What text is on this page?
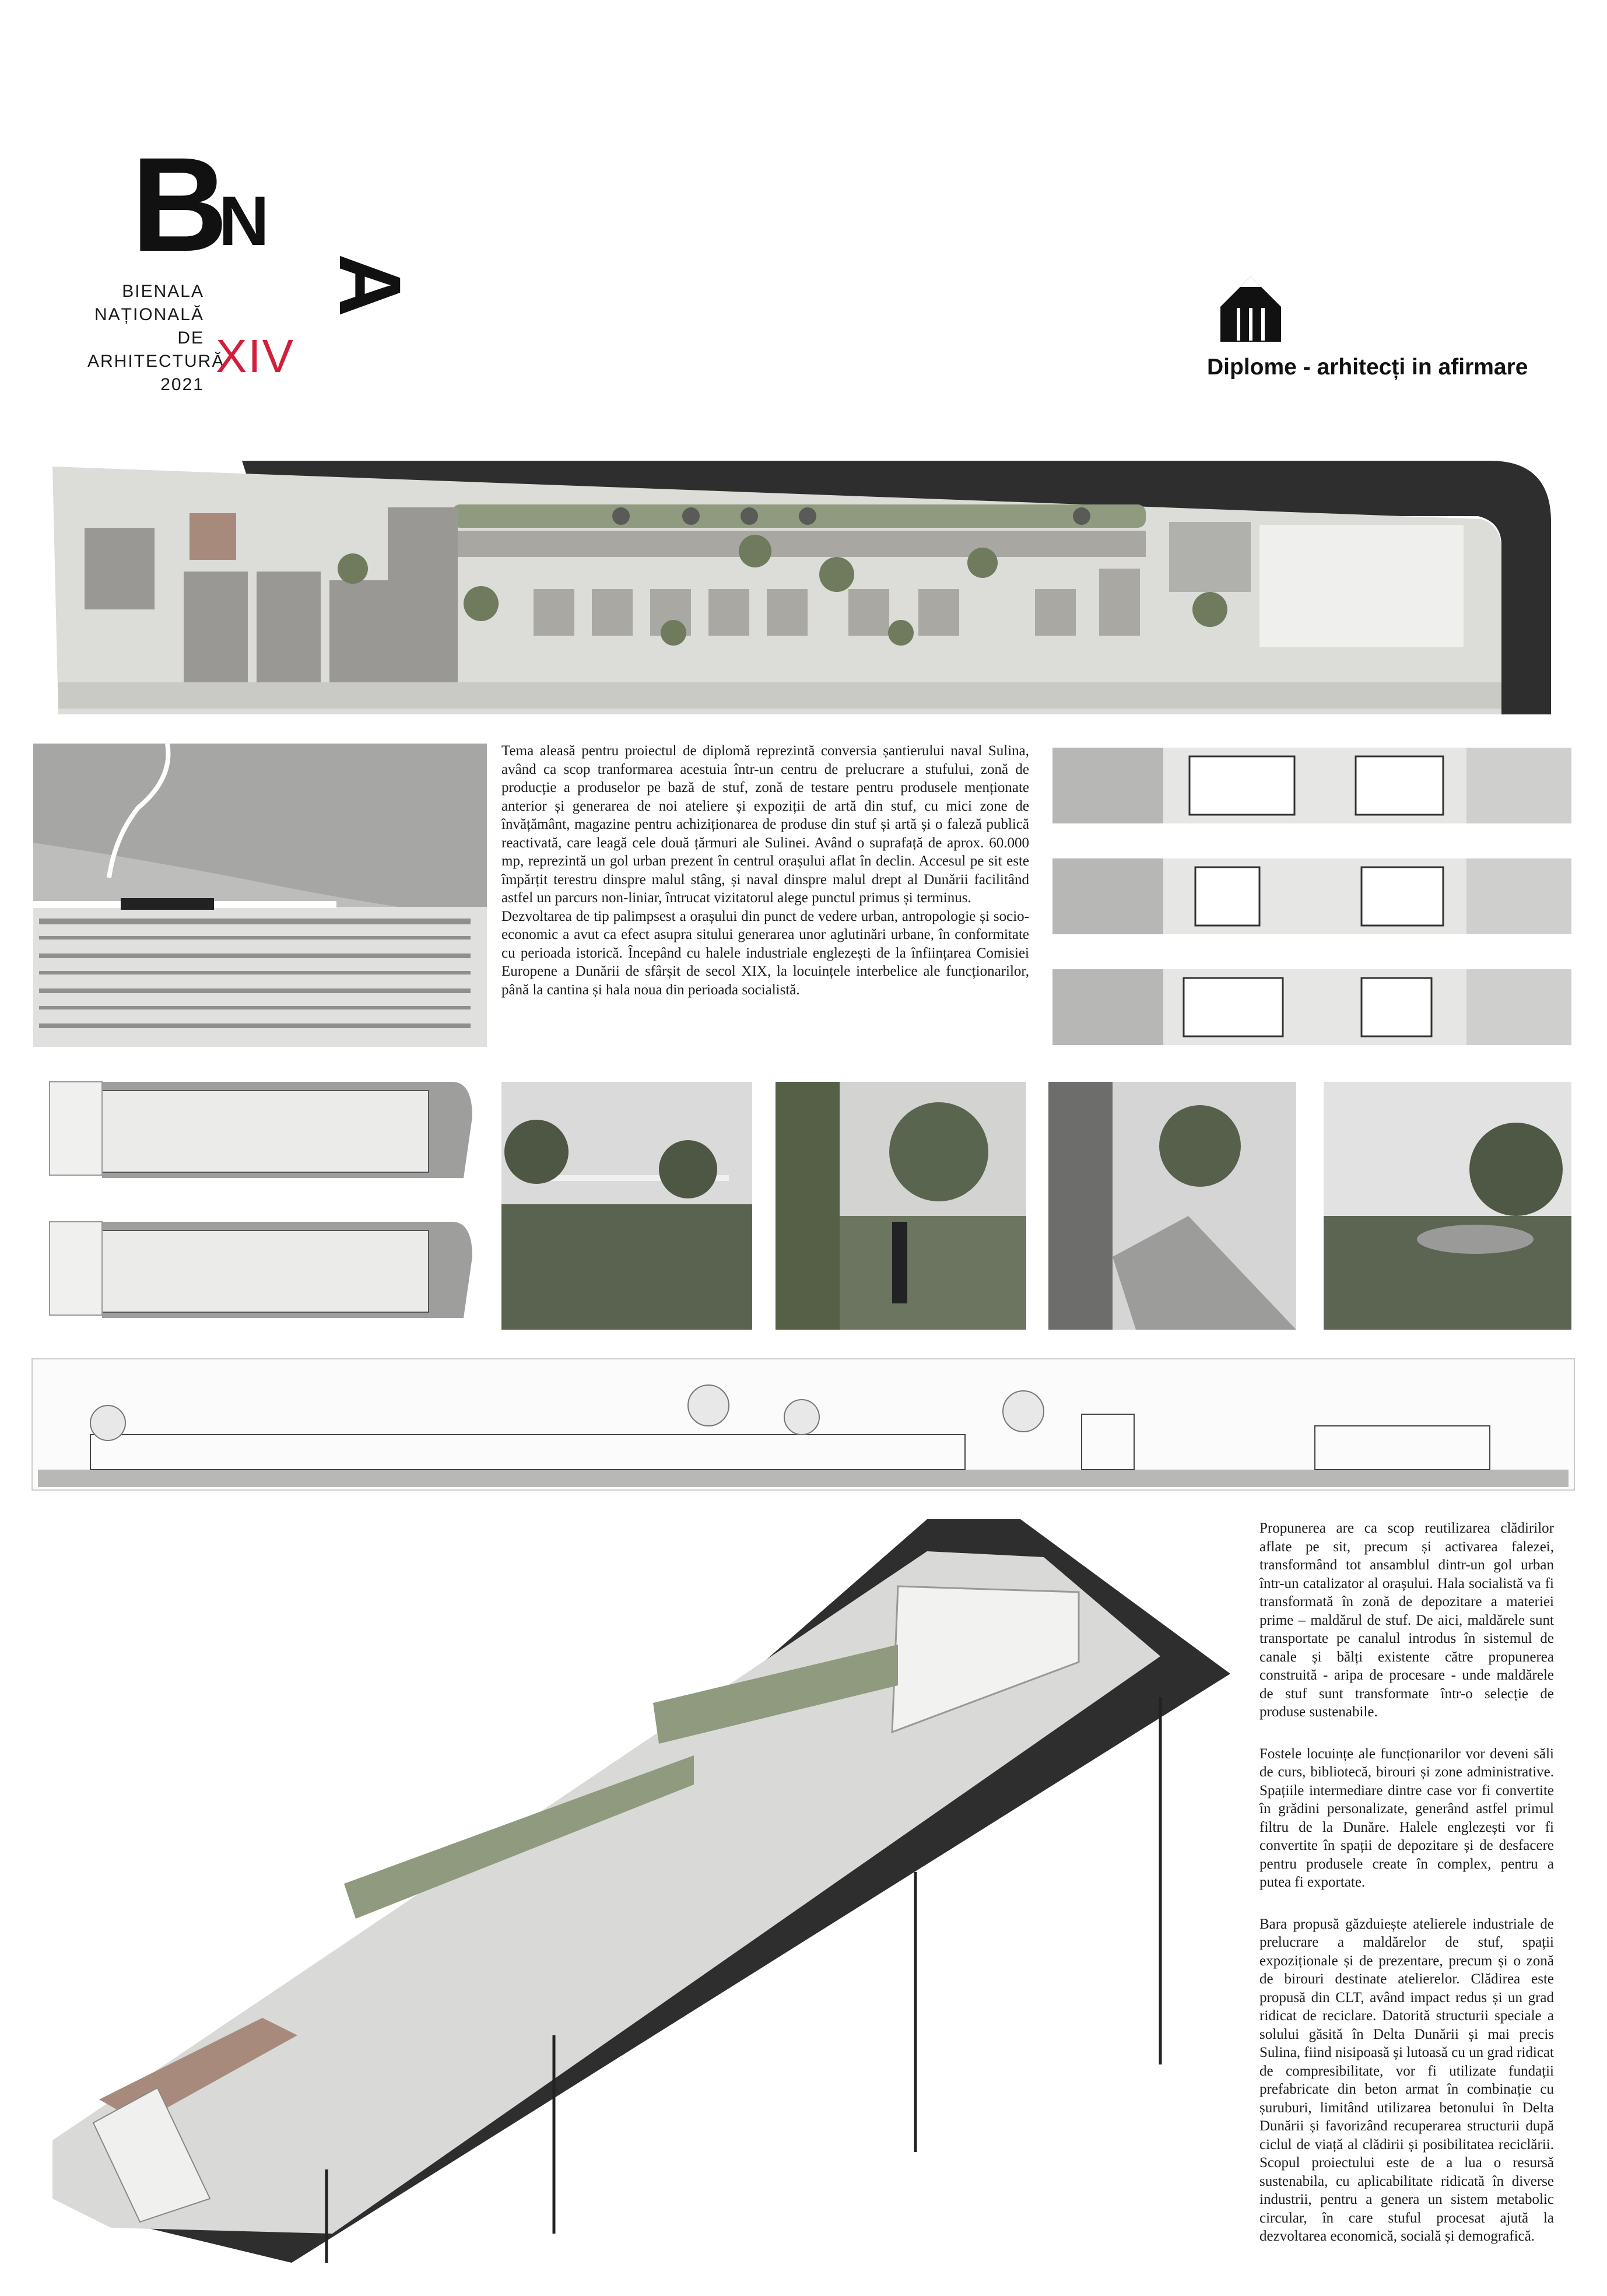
B
N
A
BIENALA
NAȚIONALĂ
DE
ARHITECTURĂ
2021
XIV	Diplome - arhitecți in afirmare

Tema aleasă pentru proiectul de diplomă reprezintă conversia șantierului naval Sulina, având ca scop tranformarea acestuia într-un centru de prelucrare a stufului, zonă de producție a produselor pe bază de stuf, zonă de testare pentru produsele menționate anterior și generarea de noi ateliere și expoziții de artă din stuf, cu mici zone de învățământ, magazine pentru achiziționarea de produse din stuf și artă și o faleză publică reactivată, care leagă cele două țărmuri ale Sulinei. Având o suprafață de aprox. 60.000 mp, reprezintă un gol urban prezent în centrul orașului aflat în declin. Accesul pe sit este împărțit terestru dinspre malul stâng, și naval dinspre malul drept al Dunării facilitând astfel un parcurs non-liniar, întrucat vizitatorul alege punctul primus și terminus.

Dezvoltarea de tip palimpsest a orașului din punct de vedere urban, antropologie și socio-economic a avut ca efect asupra sitului generarea unor aglutinări urbane, în conformitate cu perioada istorică. Începând cu halele industriale englezești de la înființarea Comisiei Europene a Dunării de sfârșit de secol XIX, la locuințele interbelice ale funcționarilor, până la cantina și hala noua din perioada socialistă.

Propunerea are ca scop reutilizarea clădirilor aflate pe sit, precum și activarea falezei, transformând tot ansamblul dintr-un gol urban într-un catalizator al orașului. Hala socialistă va fi transformată în zonă de depozitare a materiei prime – maldărul de stuf. De aici, maldărele sunt transportate pe canalul introdus în sistemul de canale și bălți existente către propunerea construită - aripa de procesare - unde maldărele de stuf sunt transformate într-o selecție de produse sustenabile.

Fostele locuințe ale funcționarilor vor deveni săli de curs, bibliotecă, birouri și zone administrative. Spațiile intermediare dintre case vor fi convertite în grădini personalizate, generând astfel primul filtru de la Dunăre. Halele englezești vor fi convertite în spații de depozitare și de desfacere pentru produsele create în complex, pentru a putea fi exportate.

Bara propusă găzduiește atelierele industriale de prelucrare a maldărelor de stuf, spații expoziționale și de prezentare, precum și o zonă de birouri destinate atelierelor. Clădirea este propusă din CLT, având impact redus și un grad ridicat de reciclare. Datorită structurii speciale a solului găsită în Delta Dunării și mai precis Sulina, fiind nisipoasă și lutoasă cu un grad ridicat de compresibilitate, vor fi utilizate fundații prefabricate din beton armat în combinație cu șuruburi, limitând utilizarea betonului în Delta Dunării și favorizând recuperarea structurii după ciclul de viață al clădirii și posibilitatea reciclării. Scopul proiectului este de a lua o resursă sustenabila, cu aplicabilitate ridicată în diverse industrii, pentru a genera un sistem metabolic circular, în care stuful procesat ajută la dezvoltarea economică, socială și demografică.
